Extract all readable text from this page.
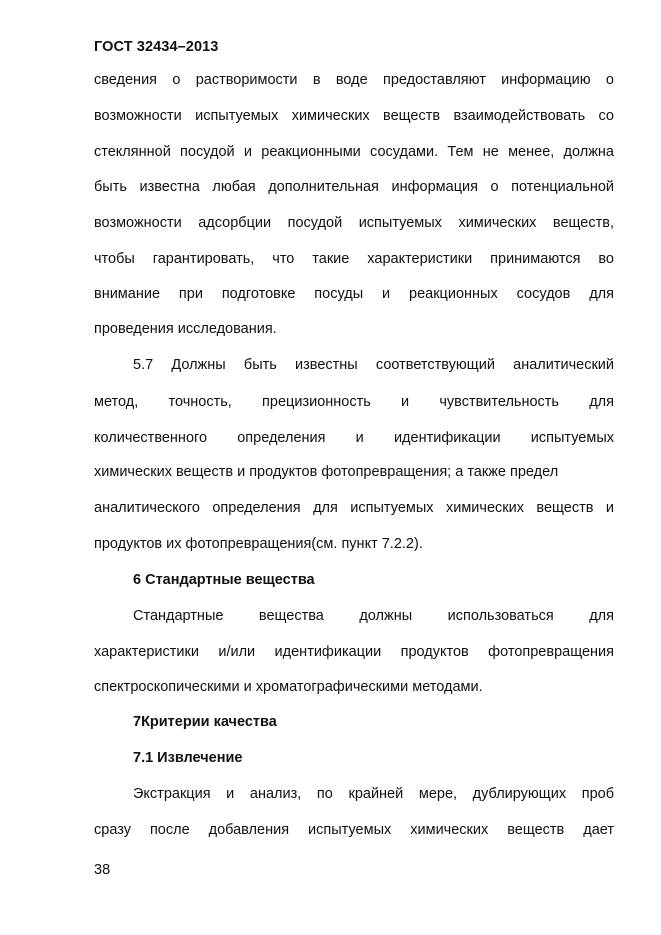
ГОСТ 32434–2013
сведения о растворимости в воде предоставляют информацию о
возможности испытуемых химических веществ взаимодействовать со
стеклянной посудой и реакционными сосудами. Тем не менее, должна
быть известна любая дополнительная информация о потенциальной
возможности адсорбции посудой испытуемых химических веществ,
чтобы гарантировать, что такие характеристики принимаются во
внимание при подготовке посуды и реакционных сосудов для
проведения исследования.
5.7 Должны быть известны соответствующий аналитический
метод, точность, прецизионность и чувствительность для
количественного определения и идентификации испытуемых
химических веществ и продуктов фотопревращения; а также предел
аналитического определения для испытуемых химических веществ и
продуктов их фотопревращения(см. пункт 7.2.2).
6 Стандартные вещества
Стандартные вещества должны использоваться для
характеристики и/или идентификации продуктов фотопревращения
спектроскопическими и хроматографическими методами.
7Критерии качества
7.1 Извлечение
Экстракция и анализ, по крайней мере, дублирующих проб
сразу после добавления испытуемых химических веществ дает
38
